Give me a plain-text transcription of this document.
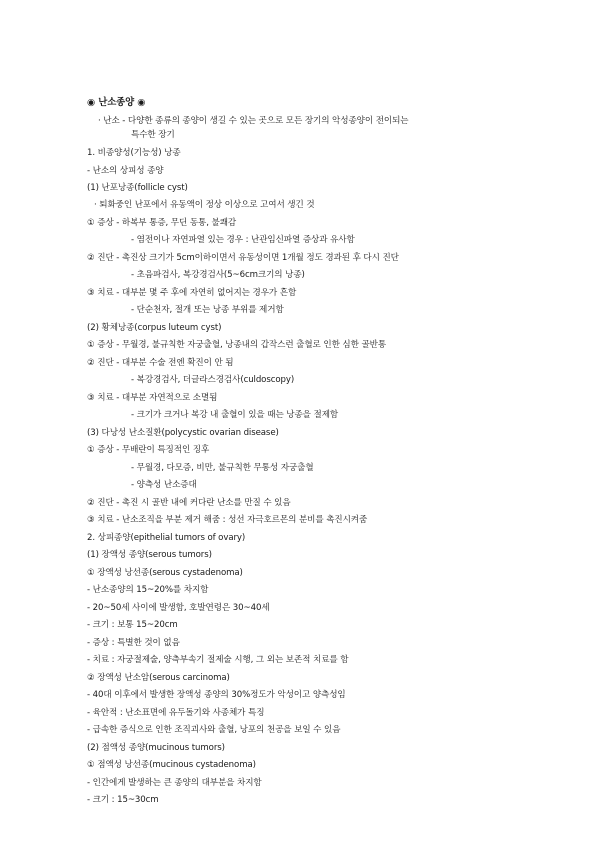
◉ 난소종양 ◉
· 난소 - 다양한 종류의 종양이 생길 수 있는 곳으로 모든 장기의 악성종양이 전이되는
특수한 장기
1. 비종양성(기능성) 낭종
- 난소의 상피성 종양
(1) 난포낭종(follicle cyst)
· 퇴화중인 난포에서 유동액이 정상 이상으로 고여서 생긴 것
① 증상 - 하복부 통증, 무딘 동통, 불쾌감
- 염전이나 자연파열 있는 경우 : 난관임신파열 증상과 유사함
② 진단 - 촉진상 크기가 5cm이하이면서 유동성이면 1개월 정도 경과된 후 다시 진단
- 초음파검사, 복강경검사(5~6cm크기의 낭종)
③ 치료 - 대부분 몇 주 후에 자연히 없어지는 경우가 흔함
- 단순천자, 절개 또는 낭종 부위를 제거함
(2) 황체낭종(corpus luteum cyst)
① 증상 - 무월경, 불규칙한 자궁출혈, 낭종내의 갑작스런 출혈로 인한 심한 골반통
② 진단 - 대부분 수술 전엔 확진이 안 됨
- 복강경검사, 더글라스경검사(culdoscopy)
③ 치료 - 대부분 자연적으로 소멸됨
- 크기가 크거나 복강 내 출혈이 있을 때는 낭종을 절제함
(3) 다낭성 난소질환(polycystic ovarian disease)
① 증상 - 무배란이 특징적인 징후
- 무월경, 다모증, 비만, 불규칙한 무통성 자궁출혈
- 양측성 난소증대
② 진단 - 촉진 시 골반 내에 커다란 난소를 만질 수 있음
③ 치료 - 난소조직을 부분 제거 해줌 : 성선 자극호르몬의 분비를 촉진시켜줌
2. 상피종양(epithelial tumors of ovary)
(1) 장액성 종양(serous tumors)
① 장액성 낭선종(serous cystadenoma)
- 난소종양의 15~20%를 차지함
- 20~50세 사이에 발생함, 호발연령은 30~40세
- 크기 : 보통 15~20cm
- 증상 : 특별한 것이 없음
- 치료 : 자궁절제술, 양측부속기 절제술 시행, 그 외는 보존적 치료를 함
② 장액성 난소암(serous carcinoma)
- 40대 이후에서 발생한 장액성 종양의 30%정도가 악성이고 양측성임
- 육안적 : 난소표면에 유두돌기와 사종체가 특징
- 급속한 증식으로 인한 조직괴사와 출혈, 낭포의 천공을 보일 수 있음
(2) 점액성 종양(mucinous tumors)
① 점액성 낭선종(mucinous cystadenoma)
- 인간에게 발생하는 큰 종양의 대부분을 차지함
- 크기 : 15~30cm
